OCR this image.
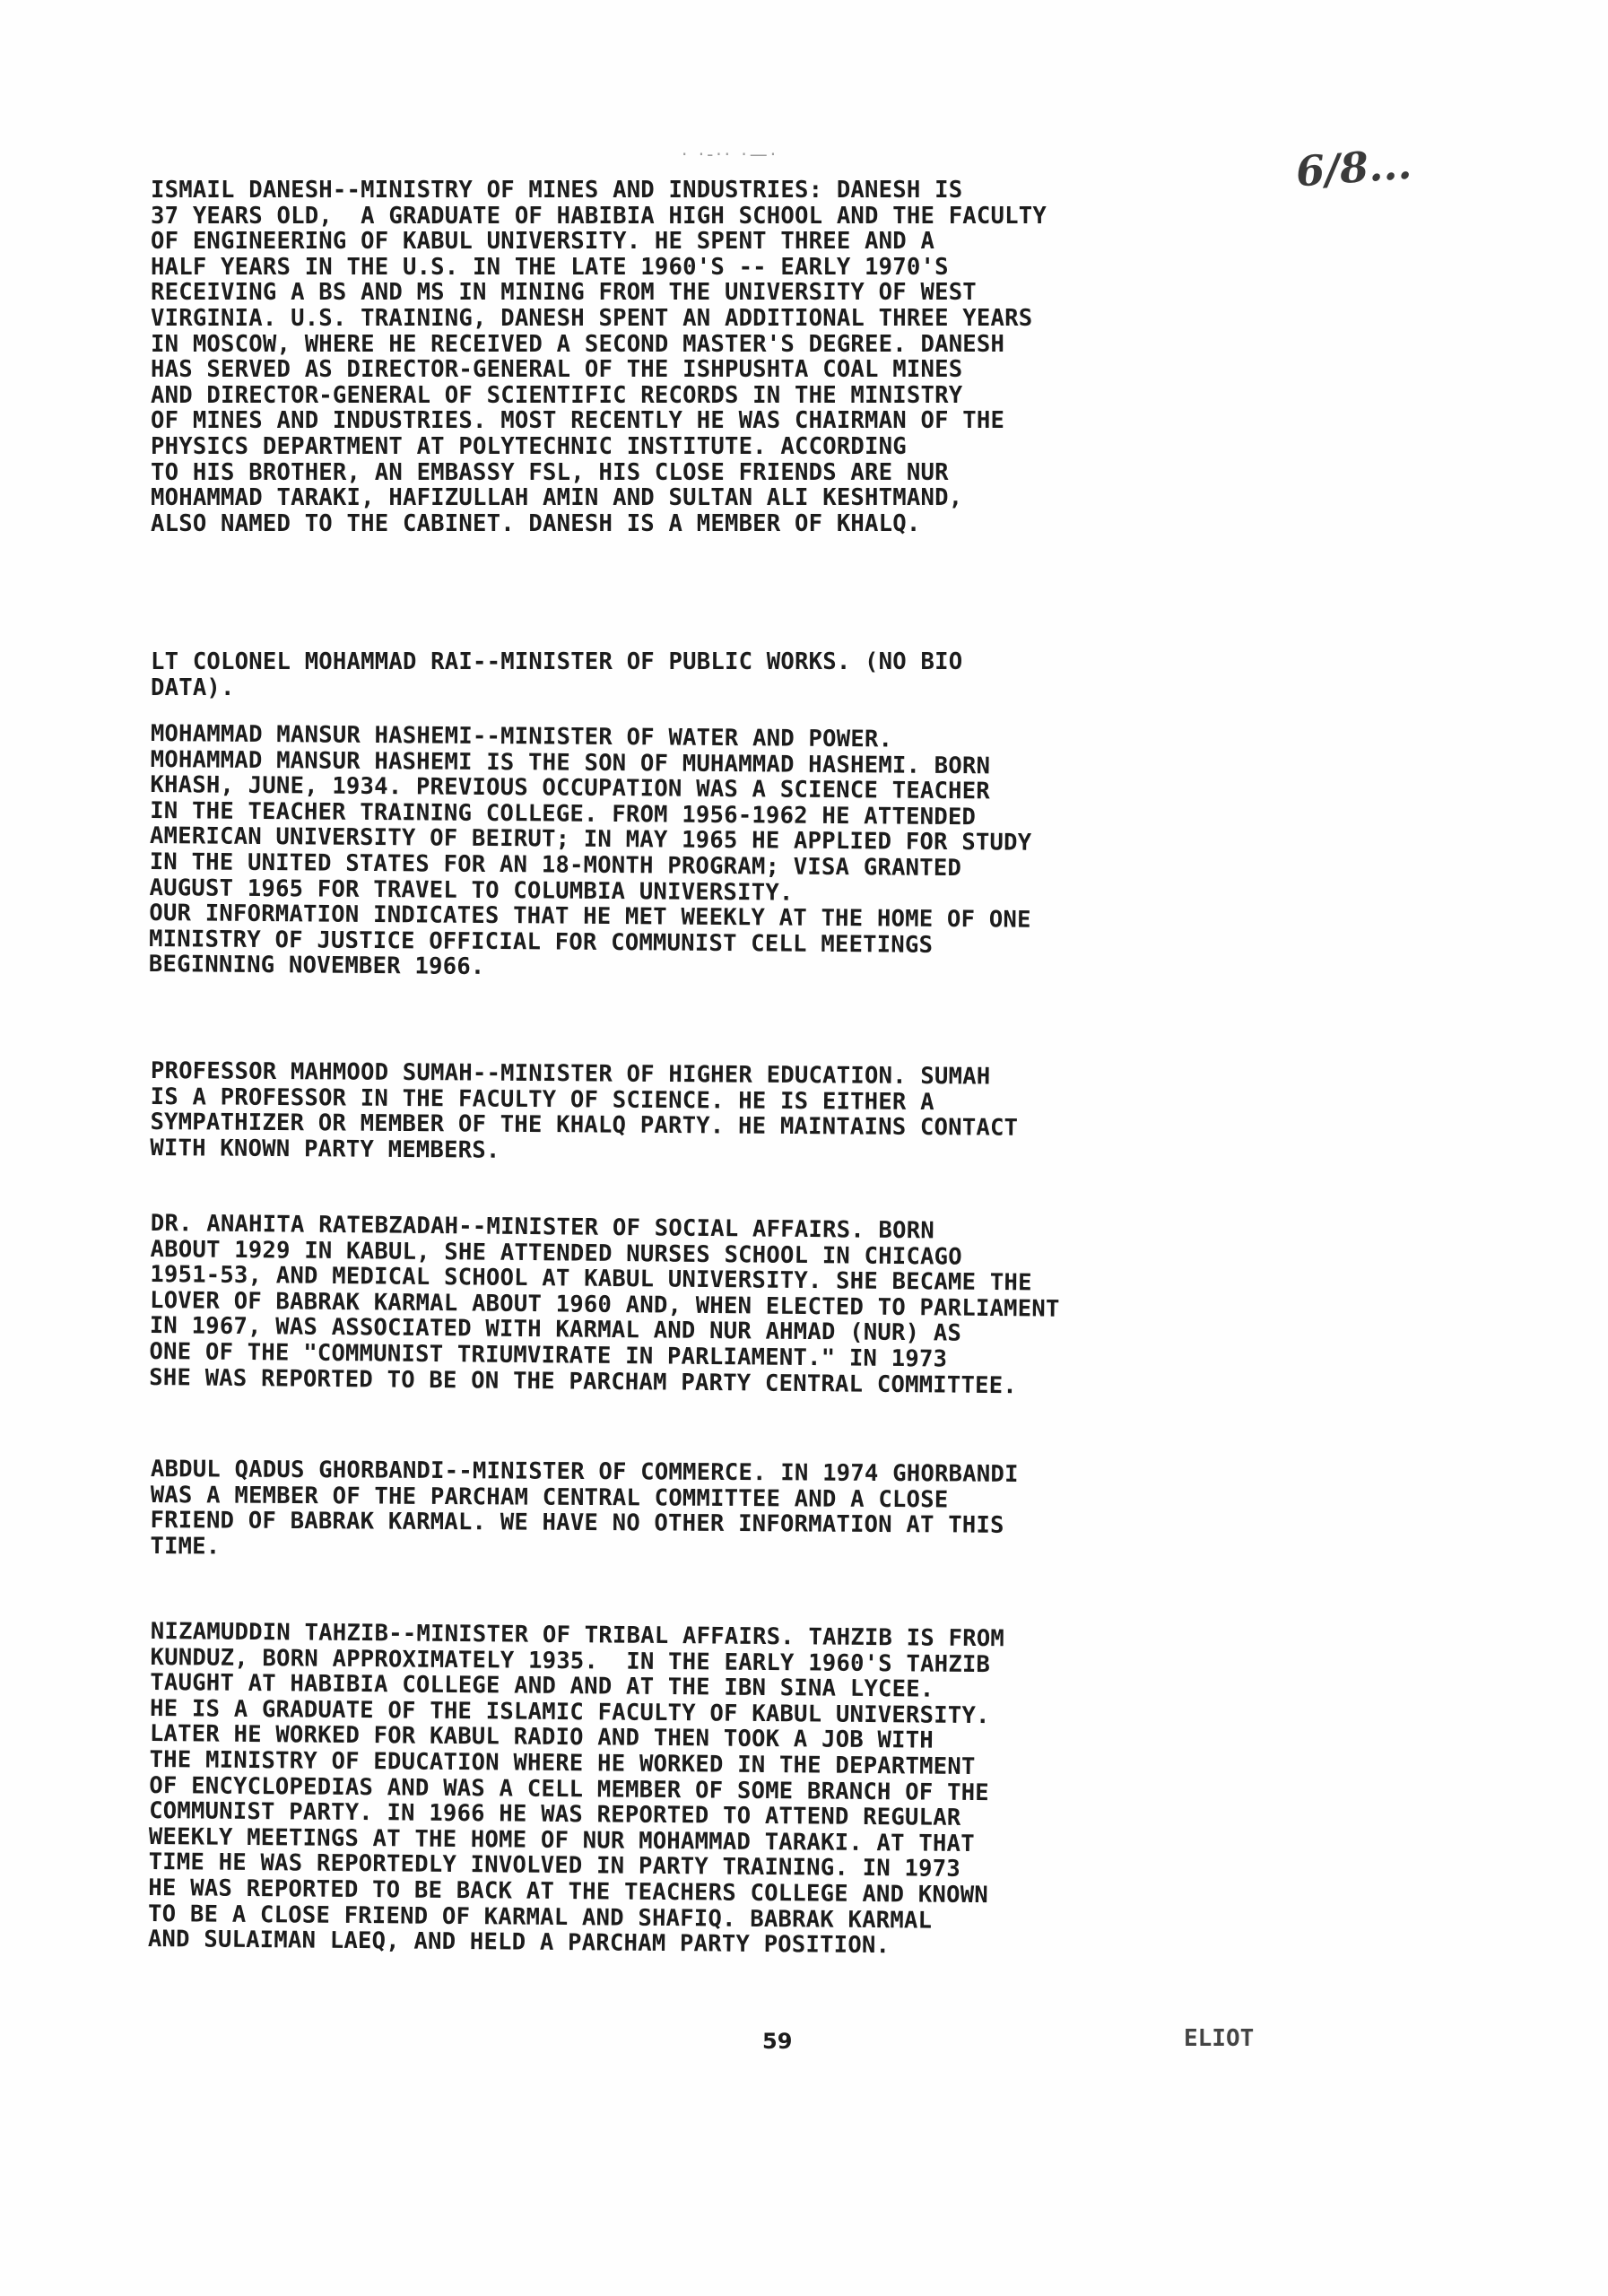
· ·-·· ·—·	6/8...
ISMAIL DANESH--MINISTRY OF MINES AND INDUSTRIES: DANESH IS
37 YEARS OLD,  A GRADUATE OF HABIBIA HIGH SCHOOL AND THE FACULTY
OF ENGINEERING OF KABUL UNIVERSITY. HE SPENT THREE AND A
HALF YEARS IN THE U.S. IN THE LATE 1960'S -- EARLY 1970'S
RECEIVING A BS AND MS IN MINING FROM THE UNIVERSITY OF WEST
VIRGINIA. U.S. TRAINING, DANESH SPENT AN ADDITIONAL THREE YEARS
IN MOSCOW, WHERE HE RECEIVED A SECOND MASTER'S DEGREE. DANESH
HAS SERVED AS DIRECTOR-GENERAL OF THE ISHPUSHTA COAL MINES
AND DIRECTOR-GENERAL OF SCIENTIFIC RECORDS IN THE MINISTRY
OF MINES AND INDUSTRIES. MOST RECENTLY HE WAS CHAIRMAN OF THE
PHYSICS DEPARTMENT AT POLYTECHNIC INSTITUTE. ACCORDING
TO HIS BROTHER, AN EMBASSY FSL, HIS CLOSE FRIENDS ARE NUR
MOHAMMAD TARAKI, HAFIZULLAH AMIN AND SULTAN ALI KESHTMAND,
ALSO NAMED TO THE CABINET. DANESH IS A MEMBER OF KHALQ.
LT COLONEL MOHAMMAD RAI--MINISTER OF PUBLIC WORKS. (NO BIO
DATA).
MOHAMMAD MANSUR HASHEMI--MINISTER OF WATER AND POWER.
MOHAMMAD MANSUR HASHEMI IS THE SON OF MUHAMMAD HASHEMI. BORN
KHASH, JUNE, 1934. PREVIOUS OCCUPATION WAS A SCIENCE TEACHER
IN THE TEACHER TRAINING COLLEGE. FROM 1956-1962 HE ATTENDED
AMERICAN UNIVERSITY OF BEIRUT; IN MAY 1965 HE APPLIED FOR STUDY
IN THE UNITED STATES FOR AN 18-MONTH PROGRAM; VISA GRANTED
AUGUST 1965 FOR TRAVEL TO COLUMBIA UNIVERSITY.
OUR INFORMATION INDICATES THAT HE MET WEEKLY AT THE HOME OF ONE
MINISTRY OF JUSTICE OFFICIAL FOR COMMUNIST CELL MEETINGS
BEGINNING NOVEMBER 1966.
PROFESSOR MAHMOOD SUMAH--MINISTER OF HIGHER EDUCATION. SUMAH
IS A PROFESSOR IN THE FACULTY OF SCIENCE. HE IS EITHER A
SYMPATHIZER OR MEMBER OF THE KHALQ PARTY. HE MAINTAINS CONTACT
WITH KNOWN PARTY MEMBERS.
DR. ANAHITA RATEBZADAH--MINISTER OF SOCIAL AFFAIRS. BORN
ABOUT 1929 IN KABUL, SHE ATTENDED NURSES SCHOOL IN CHICAGO
1951-53, AND MEDICAL SCHOOL AT KABUL UNIVERSITY. SHE BECAME THE
LOVER OF BABRAK KARMAL ABOUT 1960 AND, WHEN ELECTED TO PARLIAMENT
IN 1967, WAS ASSOCIATED WITH KARMAL AND NUR AHMAD (NUR) AS
ONE OF THE "COMMUNIST TRIUMVIRATE IN PARLIAMENT." IN 1973
SHE WAS REPORTED TO BE ON THE PARCHAM PARTY CENTRAL COMMITTEE.
ABDUL QADUS GHORBANDI--MINISTER OF COMMERCE. IN 1974 GHORBANDI
WAS A MEMBER OF THE PARCHAM CENTRAL COMMITTEE AND A CLOSE
FRIEND OF BABRAK KARMAL. WE HAVE NO OTHER INFORMATION AT THIS
TIME.
NIZAMUDDIN TAHZIB--MINISTER OF TRIBAL AFFAIRS. TAHZIB IS FROM
KUNDUZ, BORN APPROXIMATELY 1935.  IN THE EARLY 1960'S TAHZIB
TAUGHT AT HABIBIA COLLEGE AND AND AT THE IBN SINA LYCEE.
HE IS A GRADUATE OF THE ISLAMIC FACULTY OF KABUL UNIVERSITY.
LATER HE WORKED FOR KABUL RADIO AND THEN TOOK A JOB WITH
THE MINISTRY OF EDUCATION WHERE HE WORKED IN THE DEPARTMENT
OF ENCYCLOPEDIAS AND WAS A CELL MEMBER OF SOME BRANCH OF THE
COMMUNIST PARTY. IN 1966 HE WAS REPORTED TO ATTEND REGULAR
WEEKLY MEETINGS AT THE HOME OF NUR MOHAMMAD TARAKI. AT THAT
TIME HE WAS REPORTEDLY INVOLVED IN PARTY TRAINING. IN 1973
HE WAS REPORTED TO BE BACK AT THE TEACHERS COLLEGE AND KNOWN
TO BE A CLOSE FRIEND OF KARMAL AND SHAFIQ. BABRAK KARMAL
AND SULAIMAN LAEQ, AND HELD A PARCHAM PARTY POSITION.
59	ELIOT
